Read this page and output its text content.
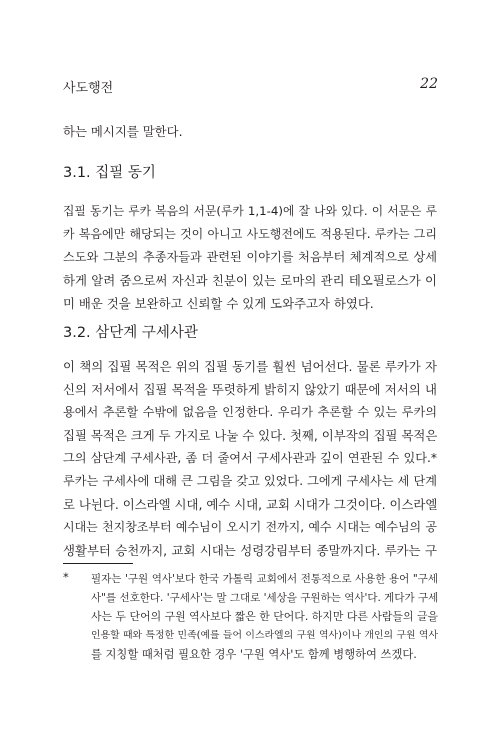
사도행전	22
하는 메시지를 말한다.
3.1. 집필 동기
집필 동기는 루카 복음의 서문(루카 1,1-4)에 잘 나와 있다. 이 서문은 루
카 복음에만 해당되는 것이 아니고 사도행전에도 적용된다. 루카는 그리
스도와 그분의 추종자들과 관련된 이야기를 처음부터 체계적으로 상세
하게 알려 줌으로써 자신과 친분이 있는 로마의 관리 테오필로스가 이
미 배운 것을 보완하고 신뢰할 수 있게 도와주고자 하였다.
3.2. 삼단계 구세사관
이 책의 집필 목적은 위의 집필 동기를 훨씬 넘어선다. 물론 루카가 자
신의 저서에서 집필 목적을 뚜렷하게 밝히지 않았기 때문에 저서의 내
용에서 추론할 수밖에 없음을 인정한다. 우리가 추론할 수 있는 루카의
집필 목적은 크게 두 가지로 나눌 수 있다. 첫째, 이부작의 집필 목적은
그의 삼단계 구세사관, 좀 더 줄여서 구세사관과 깊이 연관된 수 있다.*
루카는 구세사에 대해 큰 그림을 갖고 있었다. 그에게 구세사는 세 단계
로 나뉜다. 이스라엘 시대, 예수 시대, 교회 시대가 그것이다. 이스라엘
시대는 천지창조부터 예수님이 오시기 전까지, 예수 시대는 예수님의 공
생활부터 승천까지, 교회 시대는 성령강림부터 종말까지다. 루카는 구
* 필자는 '구원 역사'보다 한국 가톨릭 교회에서 전통적으로 사용한 용어 "구세
사"를 선호한다. '구세사'는 말 그대로 '세상을 구원하는 역사'다. 게다가 구세
사는 두 단어의 구원 역사보다 짧은 한 단어다. 하지만 다른 사람들의 글을
인용할 때와 특정한 민족(예를 들어 이스라엘의 구원 역사)이나 개인의 구원 역사
를 지칭할 때처럼 필요한 경우 '구원 역사'도 함께 병행하여 쓰겠다.
